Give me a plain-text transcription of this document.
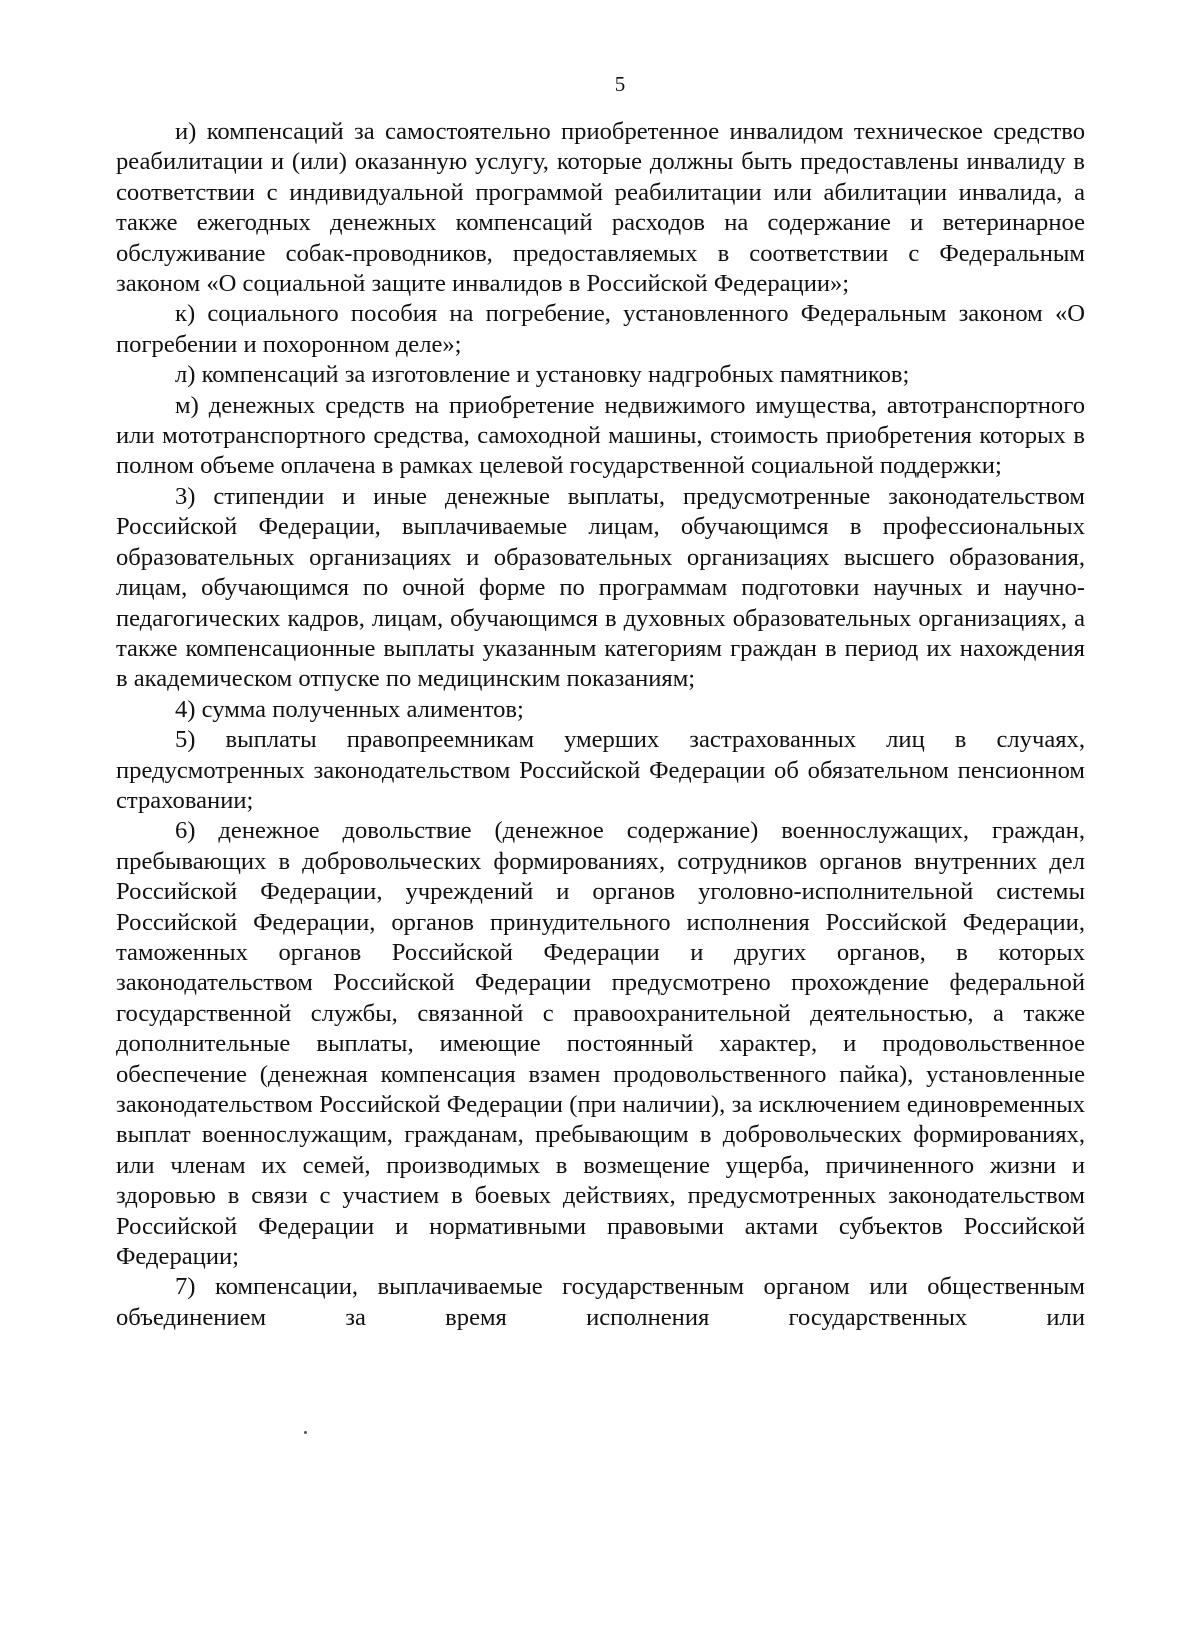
5

и) компенсаций за самостоятельно приобретенное инвалидом техническое средство реабилитации и (или) оказанную услугу, которые должны быть предоставлены инвалиду в соответствии с индивидуальной программой реабилитации или абилитации инвалида, а также ежегодных денежных компенсаций расходов на содержание и ветеринарное обслуживание собак-проводников, предоставляемых в соответствии с Федеральным законом «О социальной защите инвалидов в Российской Федерации»;

к) социального пособия на погребение, установленного Федеральным законом «О погребении и похоронном деле»;

л) компенсаций за изготовление и установку надгробных памятников;

м) денежных средств на приобретение недвижимого имущества, автотранспортного или мототранспортного средства, самоходной машины, стоимость приобретения которых в полном объеме оплачена в рамках целевой государственной социальной поддержки;

3) стипендии и иные денежные выплаты, предусмотренные законодательством Российской Федерации, выплачиваемые лицам, обучающимся в профессиональных образовательных организациях и образовательных организациях высшего образования, лицам, обучающимся по очной форме по программам подготовки научных и научно-педагогических кадров, лицам, обучающимся в духовных образовательных организациях, а также компенсационные выплаты указанным категориям граждан в период их нахождения в академическом отпуске по медицинским показаниям;

4) сумма полученных алиментов;

5) выплаты правопреемникам умерших застрахованных лиц в случаях, предусмотренных законодательством Российской Федерации об обязательном пенсионном страховании;

6) денежное довольствие (денежное содержание) военнослужащих, граждан, пребывающих в добровольческих формированиях, сотрудников органов внутренних дел Российской Федерации, учреждений и органов уголовно-исполнительной системы Российской Федерации, органов принудительного исполнения Российской Федерации, таможенных органов Российской Федерации и других органов, в которых законодательством Российской Федерации предусмотрено прохождение федеральной государственной службы, связанной с правоохранительной деятельностью, а также дополнительные выплаты, имеющие постоянный характер, и продовольственное обеспечение (денежная компенсация взамен продовольственного пайка), установленные законодательством Российской Федерации (при наличии), за исключением единовременных выплат военнослужащим, гражданам, пребывающим в добровольческих формированиях, или членам их семей, производимых в возмещение ущерба, причиненного жизни и здоровью в связи с участием в боевых действиях, предусмотренных законодательством Российской Федерации и нормативными правовыми актами субъектов Российской Федерации;

7) компенсации, выплачиваемые государственным органом или общественным объединением за время исполнения государственных или
